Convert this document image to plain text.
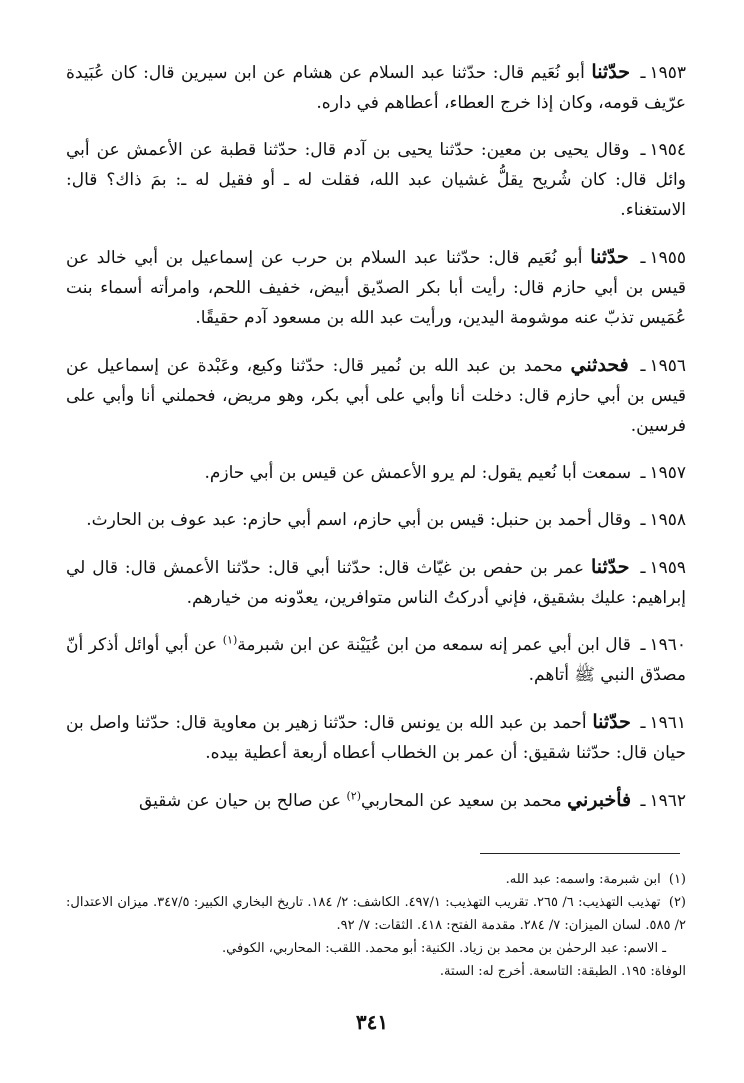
١٩٥٣ـ حدّثنا أبو نُعَيم قال: حدّثنا عبد السلام عن هشام عن ابن سيرين قال: كان عُبَيدة عرّيف قومه، وكان إذا خرج العطاء، أعطاهم في داره.

١٩٥٤ـ وقال يحيى بن معين: حدّثنا يحيى بن آدم قال: حدّثنا قطبة عن الأعمش عن أبي وائل قال: كان شُريح يقلُّ غشيان عبد الله، فقلت له ـ أو فقيل له ـ: بمَ ذاك؟ قال: الاستغناء.

١٩٥٥ـ حدّثنا أبو نُعَيم قال: حدّثنا عبد السلام بن حرب عن إسماعيل بن أبي خالد عن قيس بن أبي حازم قال: رأيت أبا بكر الصدّيق أبيض، خفيف اللحم، وامرأته أسماء بنت عُمَيس تذبّ عنه موشومة اليدين، ورأيت عبد الله بن مسعود آدم حقيقًا.

١٩٥٦ـ فحدثني محمد بن عبد الله بن نُمير قال: حدّثنا وكيع، وعَبْدة عن إسماعيل عن قيس بن أبي حازم قال: دخلت أنا وأبي على أبي بكر، وهو مريض، فحملني أنا وأبي على فرسين.

١٩٥٧ـ سمعت أبا نُعيم يقول: لم يرو الأعمش عن قيس بن أبي حازم.

١٩٥٨ـ وقال أحمد بن حنبل: قيس بن أبي حازم، اسم أبي حازم: عبد عوف بن الحارث.

١٩٥٩ـ حدّثنا عمر بن حفص بن غيّاث قال: حدّثنا أبي قال: حدّثنا الأعمش قال: قال لي إبراهيم: عليك بشقيق، فإني أدركتُ الناس متوافرين، يعدّونه من خيارهم.

١٩٦٠ـ قال ابن أبي عمر إنه سمعه من ابن عُيَيْنة عن ابن شبرمة$^{(١)}$ عن أبي أوائل أذكر أنّ مصدّق النبي ﷺ أتاهم.

١٩٦١ـ حدّثنا أحمد بن عبد الله بن يونس قال: حدّثنا زهير بن معاوية قال: حدّثنا واصل بن حيان قال: حدّثنا شقيق: أن عمر بن الخطاب أعطاه أربعة أعطية بيده.

١٩٦٢ـ فأخبرني محمد بن سعيد عن المحاربي$^{(٢)}$ عن صالح بن حيان عن شقيق

(١) ابن شبرمة: واسمه: عبد الله.

(٢) تهذيب التهذيب: ٦/ ٢٦٥. تقريب التهذيب: ٤٩٧/١. الكاشف: ٢/ ١٨٤. تاريخ البخاري الكبير: ٣٤٧/٥. ميزان الاعتدال: ٢/ ٥٨٥. لسان الميزان: ٧/ ٢٨٤. مقدمة الفتح: ٤١٨. الثقات: ٧/ ٩٢.

ـ الاسم: عبد الرحمٰن بن محمد بن زياد. الكنية: أبو محمد. اللقب: المحاربي، الكوفي.

الوفاة: ١٩٥. الطبقة: التاسعة. أخرج له: الستة.

٣٤١
